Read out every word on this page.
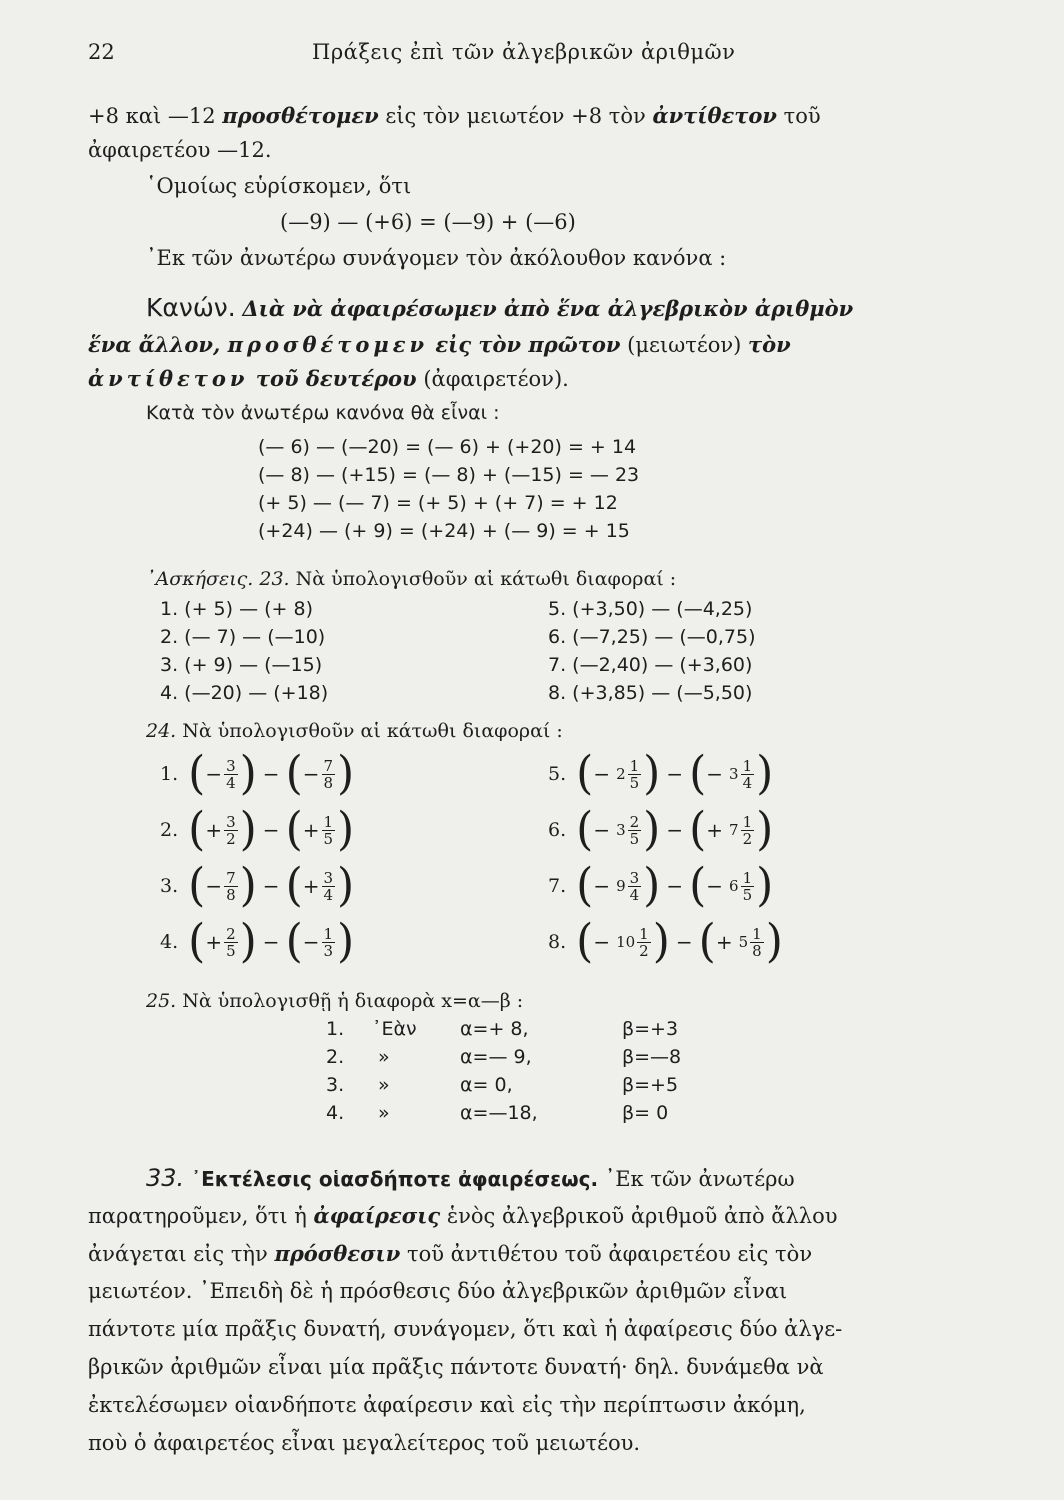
22	Πράξεις ἐπὶ τῶν ἀλγεβρικῶν ἀριθμῶν
+8 καὶ —12 προσθέτομεν εἰς τὸν μειωτέον +8 τὸν ἀντίθετον τοῦ
ἀφαιρετέου —12.
῾Ομοίως εὑρίσκομεν, ὅτι
(—9) — (+6) = (—9) + (—6)
᾿Εκ τῶν ἀνωτέρω συνάγομεν τὸν ἀκόλουθον κανόνα :
Κανών. Διὰ νὰ ἀφαιρέσωμεν ἀπὸ ἕνα ἀλγεβρικὸν ἀριθμὸν
ἕνα ἄλλον, προσθέτομεν εἰς τὸν πρῶτον (μειωτέον) τὸν
ἀντίθετον τοῦ δευτέρου (ἀφαιρετέον).
Κατὰ τὸν ἀνωτέρω κανόνα θὰ εἶναι :
(— 6) — (—20) = (— 6) + (+20) = + 14
(— 8) — (+15) = (— 8) + (—15) = — 23
(+ 5) — (— 7) = (+ 5) + (+ 7) = + 12
(+24) — (+ 9) = (+24) + (— 9) = + 15
᾿Ασκήσεις. 23. Νὰ ὑπολογισθοῦν αἱ κάτωθι διαφοραί :
1. (+ 5) — (+ 8)
2. (— 7) — (—10)
3. (+ 9) — (—15)
4. (—20) — (+18)
5. (+3,50) — (—4,25)
6. (—7,25) — (—0,75)
7. (—2,40) — (+3,60)
8. (+3,85) — (—5,50)
24. Νὰ ὑπολογισθοῦν αἱ κάτωθι διαφοραί :
1. ( − $\frac{3}{4}$ ) − ( − $\frac{7}{8}$ )
2. ( + $\frac{3}{2}$ ) − ( + $\frac{1}{5}$ )
3. ( − $\frac{7}{8}$ ) − ( + $\frac{3}{4}$ )
4. ( + $\frac{2}{5}$ ) − ( − $\frac{1}{3}$ )
5. ( − $2 \frac{1}{5}$ ) − ( − $3 \frac{1}{4}$ )
6. ( − $3 \frac{2}{5}$ ) − ( + $7 \frac{1}{2}$ )
7. ( − $9 \frac{3}{4}$ ) − ( − $6 \frac{1}{5}$ )
8. ( − $10 \frac{1}{2}$ ) − ( + $5 \frac{1}{8}$ )
25. Νὰ ὑπολογισθῇ ἡ διαφορὰ x=α—β :
1. ᾿Εὰν α=+ 8,	β=+3
2. »	α=— 9,	β=—8
3. »	α= 0,	β=+5
4. »	α=—18,	β= 0
33. ᾿Εκτέλεσις οἱασδήποτε ἀφαιρέσεως. ᾿Εκ τῶν ἀνωτέρω
παρατηροῦμεν, ὅτι ἡ ἀφαίρεσις ἑνὸς ἀλγεβρικοῦ ἀριθμοῦ ἀπὸ ἄλλου
ἀνάγεται εἰς τὴν πρόσθεσιν τοῦ ἀντιθέτου τοῦ ἀφαιρετέου εἰς τὸν
μειωτέον. ᾿Επειδὴ δὲ ἡ πρόσθεσις δύο ἀλγεβρικῶν ἀριθμῶν εἶναι
πάντοτε μία πρᾶξις δυνατή, συνάγομεν, ὅτι καὶ ἡ ἀφαίρεσις δύο ἀλγε-
βρικῶν ἀριθμῶν εἶναι μία πρᾶξις πάντοτε δυνατή· δηλ. δυνάμεθα νὰ
ἐκτελέσωμεν οἱανδήποτε ἀφαίρεσιν καὶ εἰς τὴν περίπτωσιν ἀκόμη,
ποὺ ὁ ἀφαιρετέος εἶναι μεγαλείτερος τοῦ μειωτέου.
